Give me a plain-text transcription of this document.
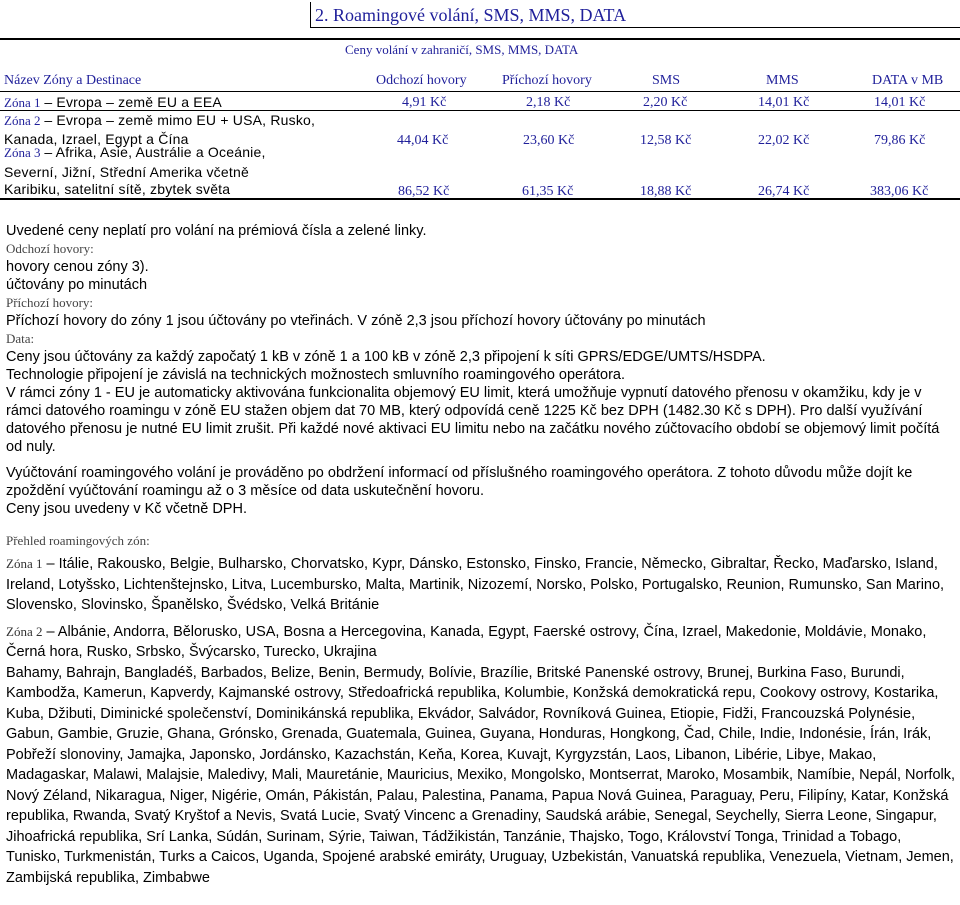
2. Roamingové volání, SMS, MMS, DATA
Ceny volání v zahraničí, SMS, MMS, DATA
Název Zóny a Destinace	Odchozí hovory	Příchozí hovory	SMS	MMS	DATA v MB
Zóna 1 – Evropa – země EU a EEA	4,91 Kč	2,18 Kč	2,20 Kč	14,01 Kč	14,01 Kč
Zóna 2 – Evropa – země mimo EU + USA, Rusko,
Kanada, Izrael, Egypt a Čína	44,04 Kč	23,60 Kč	12,58 Kč	22,02 Kč	79,86 Kč
Zóna 3 – Afrika, Asie, Austrálie a Oceánie,
Severní, Jižní, Střední Amerika včetně
Karibiku, satelitní sítě, zbytek světa	86,52 Kč	61,35 Kč	18,88 Kč	26,74 Kč	383,06 Kč

Uvedené ceny neplatí pro volání na prémiová čísla a zelené linky.

Odchozí hovory:

hovory cenou zóny 3).

účtovány po minutách

Příchozí hovory:

Příchozí hovory do zóny 1 jsou účtovány po vteřinách. V zóně 2,3 jsou příchozí hovory účtovány po minutách

Data:

Ceny jsou účtovány za každý započatý 1 kB v zóně 1 a 100 kB v zóně 2,3 připojení k síti GPRS/EDGE/UMTS/HSDPA.

Technologie připojení je závislá na technických možnostech smluvního roamingového operátora.

V rámci zóny 1 - EU je automaticky aktivována funkcionalita objemový EU limit, která umožňuje vypnutí datového přenosu v okamžiku, kdy je v rámci datového roamingu v zóně EU stažen objem dat 70 MB, který odpovídá ceně 1225 Kč bez DPH (1482.30 Kč s DPH). Pro další využívání datového přenosu je nutné EU limit zrušit. Při každé nové aktivaci EU limitu nebo na začátku nového zúčtovacího období se objemový limit počítá od nuly.

Vyúčtování roamingového volání je prováděno po obdržení informací od příslušného roamingového operátora. Z tohoto důvodu může dojít ke zpoždění vyúčtování roamingu až o 3 měsíce od data uskutečnění hovoru.

Ceny jsou uvedeny v Kč včetně DPH.

Přehled roamingových zón:

Zóna 1 – Itálie, Rakousko, Belgie, Bulharsko, Chorvatsko, Kypr, Dánsko, Estonsko, Finsko, Francie, Německo, Gibraltar, Řecko, Maďarsko, Island, Ireland, Lotyšsko, Lichtenštejnsko, Litva, Lucembursko, Malta, Martinik, Nizozemí, Norsko, Polsko, Portugalsko, Reunion, Rumunsko, San Marino, Slovensko, Slovinsko, Španělsko, Švédsko, Velká Británie

Zóna 2 – Albánie, Andorra, Bělorusko, USA, Bosna a Hercegovina, Kanada, Egypt, Faerské ostrovy, Čína, Izrael, Makedonie, Moldávie, Monako, Černá hora, Rusko, Srbsko, Švýcarsko, Turecko, Ukrajina

Bahamy, Bahrajn, Bangladéš, Barbados, Belize, Benin, Bermudy, Bolívie, Brazílie, Britské Panenské ostrovy, Brunej, Burkina Faso, Burundi, Kambodža, Kamerun, Kapverdy, Kajmanské ostrovy, Středoafrická republika, Kolumbie, Konžská demokratická repu, Cookovy ostrovy, Kostarika, Kuba, Džibuti, Diminické společenství, Dominikánská republika, Ekvádor, Salvádor, Rovníková Guinea, Etiopie, Fidži, Francouzská Polynésie, Gabun, Gambie, Gruzie, Ghana, Grónsko, Grenada, Guatemala, Guinea, Guyana, Honduras, Hongkong, Čad, Chile, Indie, Indonésie, Írán, Irák, Pobřeží slonoviny, Jamajka, Japonsko, Jordánsko, Kazachstán, Keňa, Korea, Kuvajt, Kyrgyzstán, Laos, Libanon, Libérie, Libye, Makao, Madagaskar, Malawi, Malajsie, Maledivy, Mali, Mauretánie, Mauricius, Mexiko, Mongolsko, Montserrat, Maroko, Mosambik, Namíbie, Nepál, Norfolk, Nový Zéland, Nikaragua, Niger, Nigérie, Omán, Pákistán, Palau, Palestina, Panama, Papua Nová Guinea, Paraguay, Peru, Filipíny, Katar, Konžská republika, Rwanda, Svatý Kryštof a Nevis, Svatá Lucie, Svatý Vincenc a Grenadiny, Saudská arábie, Senegal, Seychelly, Sierra Leone, Singapur, Jihoafrická republika, Srí Lanka, Súdán, Surinam, Sýrie, Taiwan, Tádžikistán, Tanzánie, Thajsko, Togo, Království Tonga, Trinidad a Tobago, Tunisko, Turkmenistán, Turks a Caicos, Uganda, Spojené arabské emiráty, Uruguay, Uzbekistán, Vanuatská republika, Venezuela, Vietnam, Jemen, Zambijská republika, Zimbabwe
